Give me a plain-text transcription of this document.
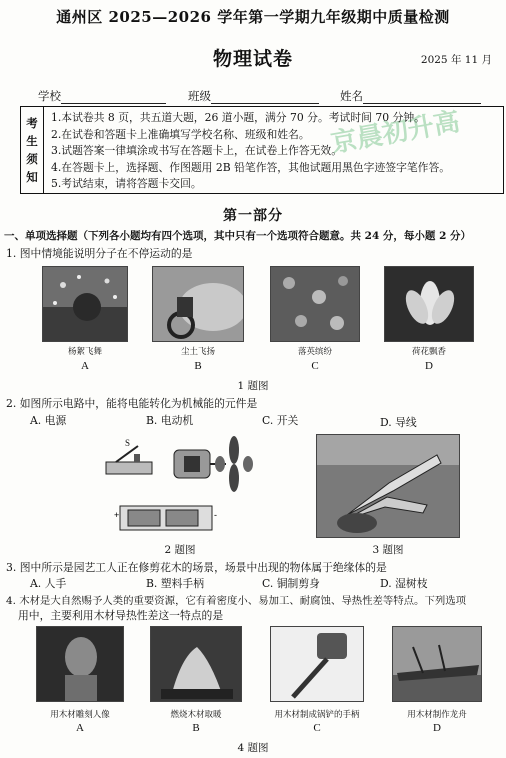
京晨初升高
通州区 2025—2026 学年第一学期九年级期中质量检测
物理试卷	2025 年 11 月
学校	班级	姓名
考
生
须
知
1.本试卷共 8 页，共五道大题，26 道小题，满分 70 分。考试时间 70 分钟。
2.在试卷和答题卡上准确填写学校名称、班级和姓名。
3.试题答案一律填涂或书写在答题卡上，在试卷上作答无效。
4.在答题卡上，选择题、作图题用 2B 铅笔作答，其他试题用黑色字迹签字笔作答。
5.考试结束，请将答题卡交回。
第一部分
一、单项选择题（下列各小题均有四个选项，其中只有一个选项符合题意。共 24 分，每小题 2 分）
1. 图中情境能说明分子在不停运动的是
杨絮飞舞	尘土飞扬	落英缤纷	荷花飘香
A	B	C	D
1 题图
2. 如图所示电路中，能将电能转化为机械能的元件是
A. 电源	B. 电动机	C. 开关	D. 导线
+	-
S
2 题图	3 题图
3. 图中所示是园艺工人正在修剪花木的场景，场景中出现的物体属于绝缘体的是
A. 人手	B. 塑料手柄	C. 铜制剪身	D. 湿树枝
4. 木材是大自然赐予人类的重要资源，它有着密度小、易加工、耐腐蚀、导热性差等特点。下列选项
用中，主要利用木材导热性差这一特点的是
用木材雕刻人像	燃烧木材取暖	用木材制成锅铲的手柄	用木材制作龙舟
A	B	C	D
4 题图
